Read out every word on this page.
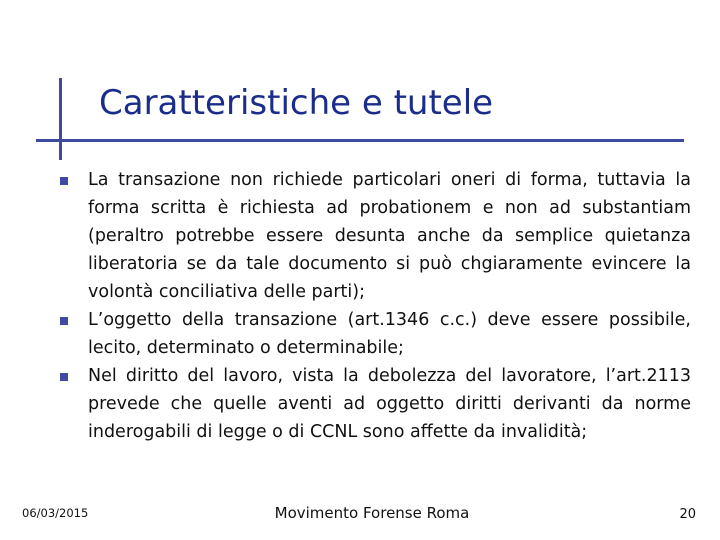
Caratteristiche e tutele
La transazione non richiede particolari oneri di forma, tuttavia la forma scritta è richiesta ad probationem e non ad substantiam (peraltro potrebbe essere desunta anche da semplice quietanza liberatoria se da tale documento si può chgiaramente evincere la volontà conciliativa delle parti);
L’oggetto della transazione (art.1346 c.c.) deve essere possibile, lecito, determinato o determinabile;
Nel diritto del lavoro, vista la debolezza del lavoratore, l’art.2113 prevede che quelle aventi ad oggetto diritti derivanti da norme inderogabili di legge o di CCNL sono affette da invalidità;
06/03/2015	Movimento Forense Roma	20
